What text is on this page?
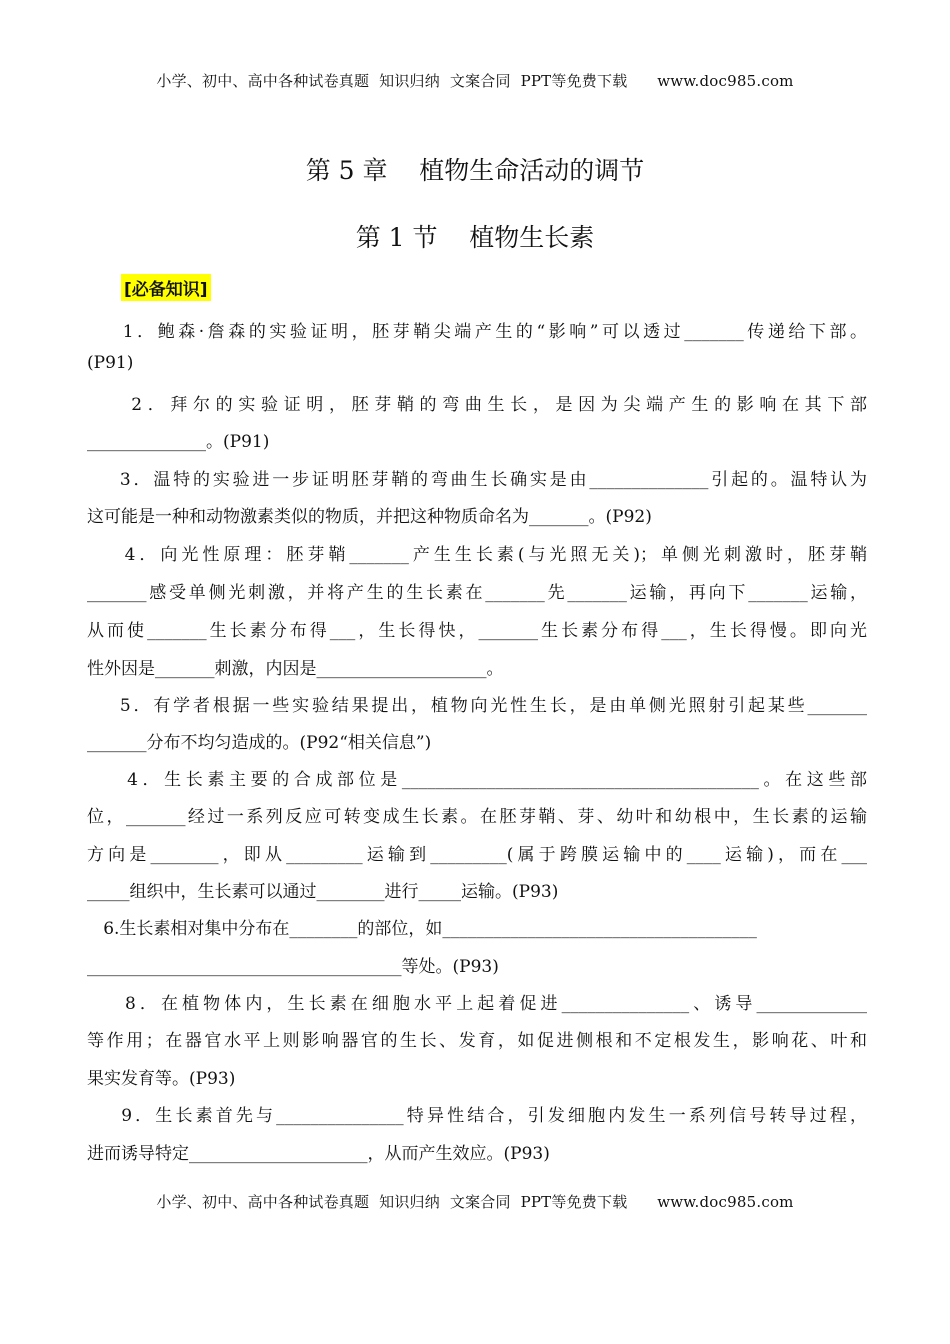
小学、初中、高中各种试卷真题  知识归纳  文案合同  PPT等免费下载      www.doc985.com
第 5 章    植物生命活动的调节
第 1 节    植物生长素
[必备知识]
1．鲍森·詹森的实验证明，胚芽鞘尖端产生的“影响”可以透过_______传递给下部。
(P91)
2．拜尔的实验证明，胚芽鞘的弯曲生长，是因为尖端产生的影响在其下部
______________。(P91)
3．温特的实验进一步证明胚芽鞘的弯曲生长确实是由______________引起的。温特认为
这可能是一种和动物激素类似的物质，并把这种物质命名为_______。(P92)
4．向光性原理：胚芽鞘_______产生生长素(与光照无关)；单侧光刺激时，胚芽鞘
_______感受单侧光刺激，并将产生的生长素在_______先_______运输，再向下_______运输，
从而使_______生长素分布得___，生长得快，_______生长素分布得___，生长得慢。即向光
性外因是_______刺激，内因是____________________。
5．有学者根据一些实验结果提出，植物向光性生长，是由单侧光照射引起某些_______
_______分布不均匀造成的。(P92“相关信息”)
4．生长素主要的合成部位是__________________________________________。在这些部
位，_______经过一系列反应可转变成生长素。在胚芽鞘、芽、幼叶和幼根中，生长素的运输
方向是________，即从_________运输到_________(属于跨膜运输中的____运输)，而在___
_____组织中，生长素可以通过________进行_____运输。(P93)
6.生长素相对集中分布在________的部位，如_____________________________________
_____________________________________等处。(P93)
8．在植物体内，生长素在细胞水平上起着促进_______________、诱导_____________
等作用；在器官水平上则影响器官的生长、发育，如促进侧根和不定根发生，影响花、叶和
果实发育等。(P93)
9．生长素首先与_______________特异性结合，引发细胞内发生一系列信号转导过程，
进而诱导特定_____________________，从而产生效应。(P93)
小学、初中、高中各种试卷真题  知识归纳  文案合同  PPT等免费下载      www.doc985.com
